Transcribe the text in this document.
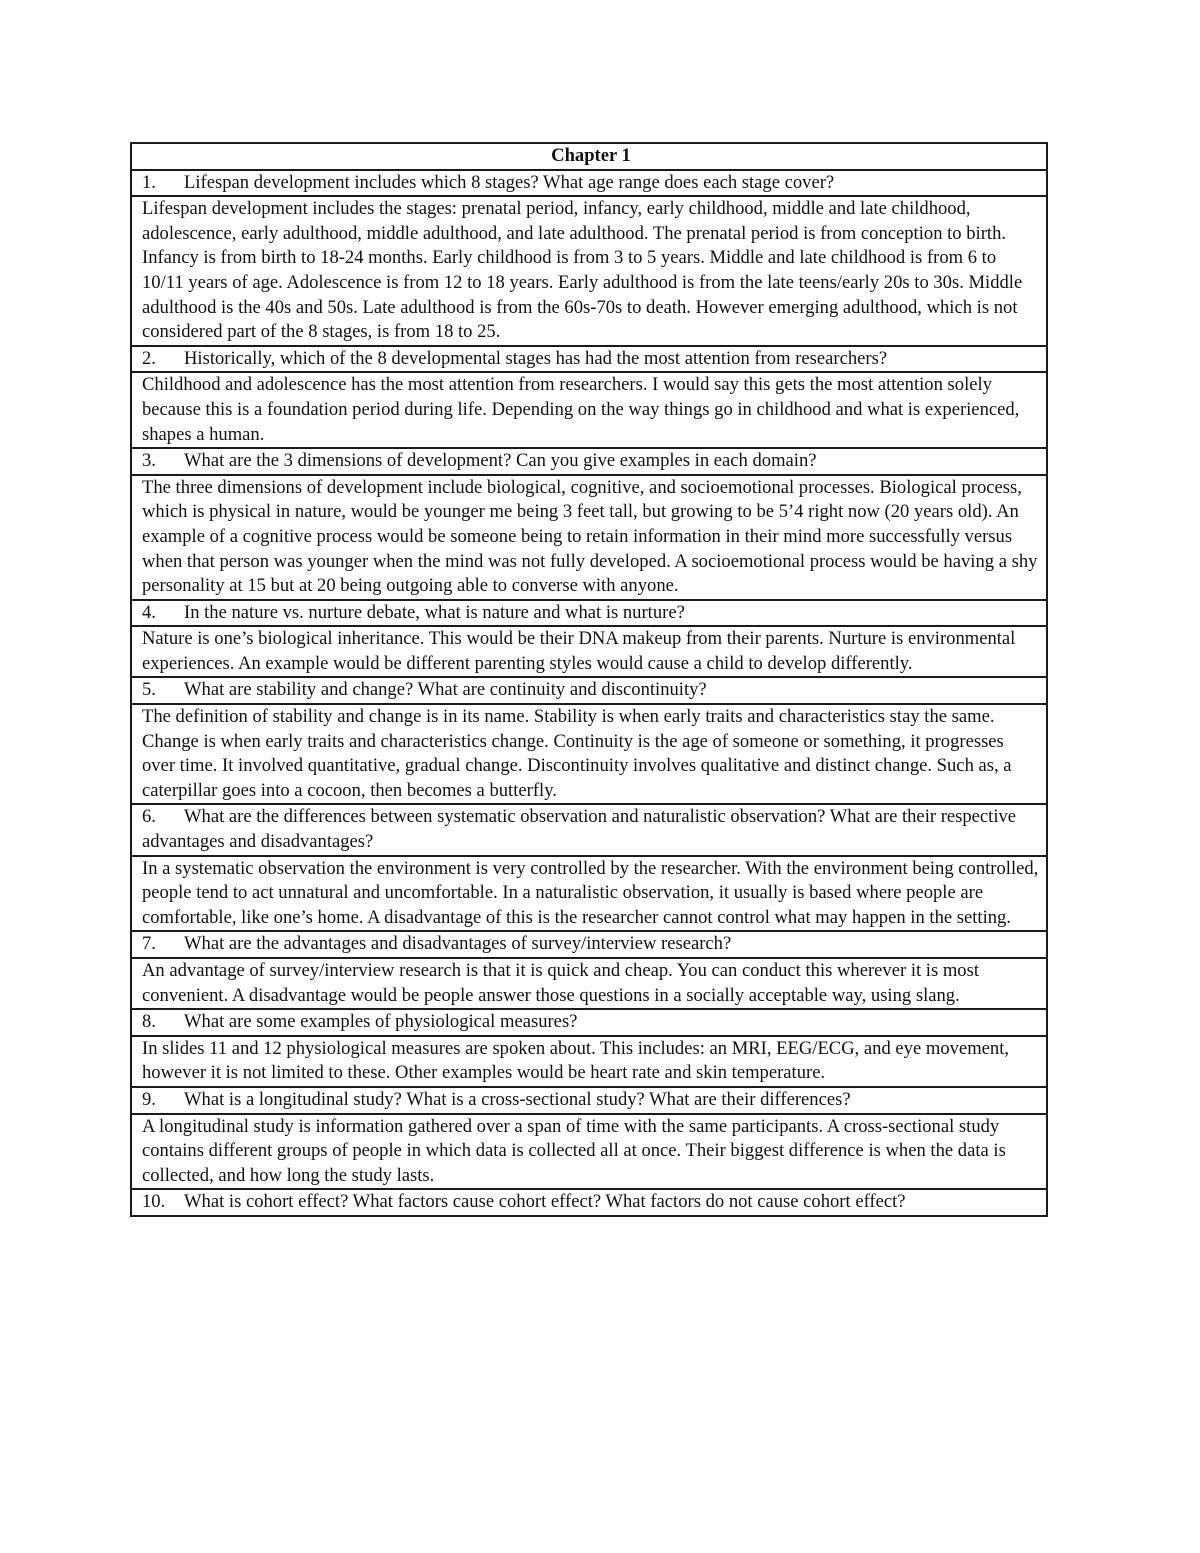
Chapter 1
1. Lifespan development includes which 8 stages? What age range does each stage cover?
Lifespan development includes the stages: prenatal period, infancy, early childhood, middle and late childhood, adolescence, early adulthood, middle adulthood, and late adulthood. The prenatal period is from conception to birth. Infancy is from birth to 18-24 months. Early childhood is from 3 to 5 years. Middle and late childhood is from 6 to 10/11 years of age. Adolescence is from 12 to 18 years. Early adulthood is from the late teens/early 20s to 30s. Middle adulthood is the 40s and 50s. Late adulthood is from the 60s-70s to death. However emerging adulthood, which is not considered part of the 8 stages, is from 18 to 25.
2. Historically, which of the 8 developmental stages has had the most attention from researchers?
Childhood and adolescence has the most attention from researchers. I would say this gets the most attention solely because this is a foundation period during life. Depending on the way things go in childhood and what is experienced, shapes a human.
3. What are the 3 dimensions of development? Can you give examples in each domain?
The three dimensions of development include biological, cognitive, and socioemotional processes. Biological process, which is physical in nature, would be younger me being 3 feet tall, but growing to be 5’4 right now (20 years old). An example of a cognitive process would be someone being to retain information in their mind more successfully versus when that person was younger when the mind was not fully developed. A socioemotional process would be having a shy personality at 15 but at 20 being outgoing able to converse with anyone.
4. In the nature vs. nurture debate, what is nature and what is nurture?
Nature is one’s biological inheritance. This would be their DNA makeup from their parents. Nurture is environmental experiences. An example would be different parenting styles would cause a child to develop differently.
5. What are stability and change? What are continuity and discontinuity?
The definition of stability and change is in its name. Stability is when early traits and characteristics stay the same. Change is when early traits and characteristics change. Continuity is the age of someone or something, it progresses over time. It involved quantitative, gradual change. Discontinuity involves qualitative and distinct change. Such as, a caterpillar goes into a cocoon, then becomes a butterfly.
6. What are the differences between systematic observation and naturalistic observation? What are their respective advantages and disadvantages?
In a systematic observation the environment is very controlled by the researcher. With the environment being controlled, people tend to act unnatural and uncomfortable. In a naturalistic observation, it usually is based where people are comfortable, like one’s home. A disadvantage of this is the researcher cannot control what may happen in the setting.
7. What are the advantages and disadvantages of survey/interview research?
An advantage of survey/interview research is that it is quick and cheap. You can conduct this wherever it is most convenient. A disadvantage would be people answer those questions in a socially acceptable way, using slang.
8. What are some examples of physiological measures?
In slides 11 and 12 physiological measures are spoken about. This includes: an MRI, EEG/ECG, and eye movement, however it is not limited to these. Other examples would be heart rate and skin temperature.
9. What is a longitudinal study? What is a cross-sectional study? What are their differences?
A longitudinal study is information gathered over a span of time with the same participants. A cross-sectional study contains different groups of people in which data is collected all at once. Their biggest difference is when the data is collected, and how long the study lasts.
10. What is cohort effect? What factors cause cohort effect? What factors do not cause cohort effect?
